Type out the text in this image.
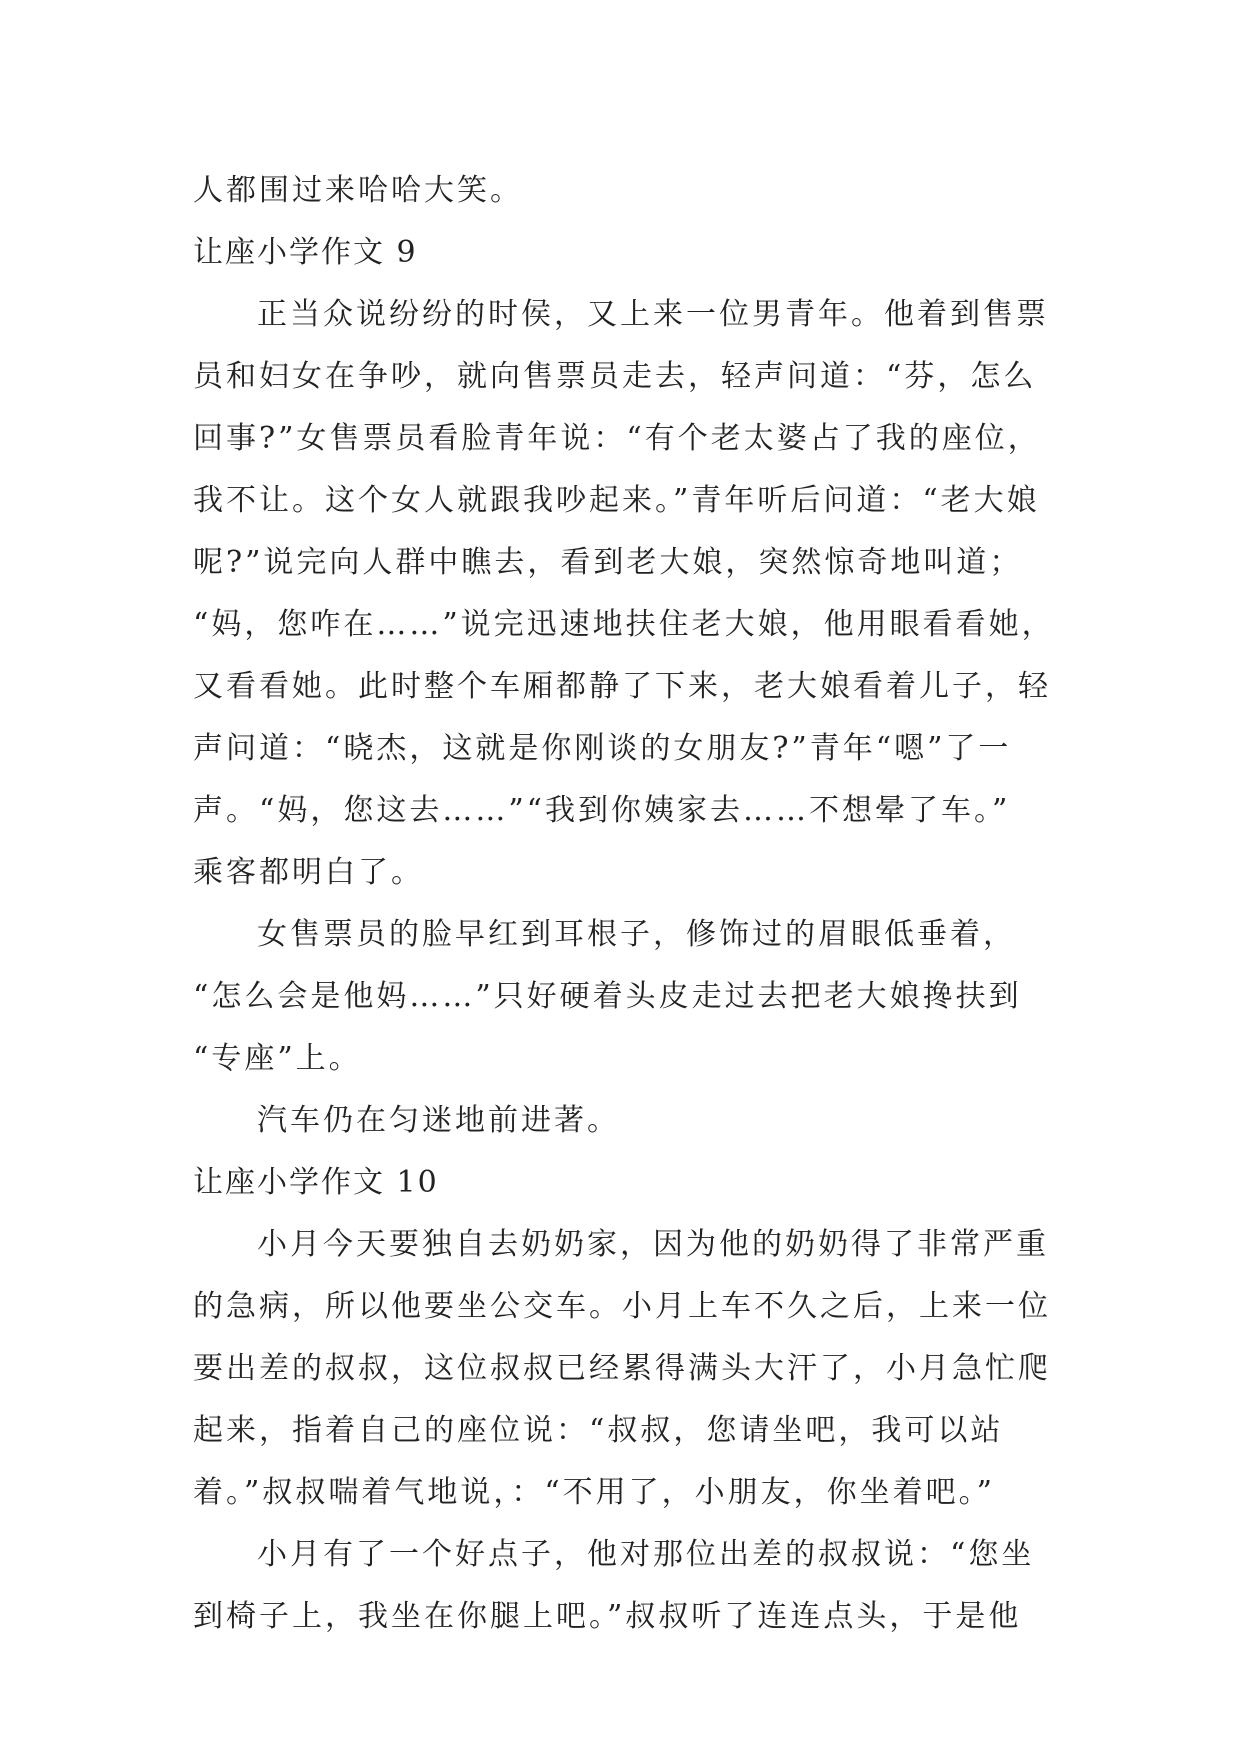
人都围过来哈哈大笑。
让座小学作文 9
正当众说纷纷的时侯，又上来一位男青年。他着到售票
员和妇女在争吵，就向售票员走去，轻声问道：“芬，怎么
回事?”女售票员看脸青年说：“有个老太婆占了我的座位，
我不让。这个女人就跟我吵起来。”青年听后问道：“老大娘
呢?”说完向人群中瞧去，看到老大娘，突然惊奇地叫道；
“妈，您咋在……”说完迅速地扶住老大娘，他用眼看看她，
又看看她。此时整个车厢都静了下来，老大娘看着儿子，轻
声问道：“晓杰，这就是你刚谈的女朋友?”青年“嗯”了一
声。“妈，您这去……”“我到你姨家去……不想晕了车。”
乘客都明白了。
女售票员的脸早红到耳根子，修饰过的眉眼低垂着，
“怎么会是他妈……”只好硬着头皮走过去把老大娘搀扶到
“专座”上。
汽车仍在匀迷地前进著。
让座小学作文 10
小月今天要独自去奶奶家，因为他的奶奶得了非常严重
的急病，所以他要坐公交车。小月上车不久之后，上来一位
要出差的叔叔，这位叔叔已经累得满头大汗了，小月急忙爬
起来，指着自己的座位说：“叔叔，您请坐吧，我可以站
着。”叔叔喘着气地说，：“不用了，小朋友，你坐着吧。”
小月有了一个好点子，他对那位出差的叔叔说：“您坐
到椅子上，我坐在你腿上吧。”叔叔听了连连点头，于是他
